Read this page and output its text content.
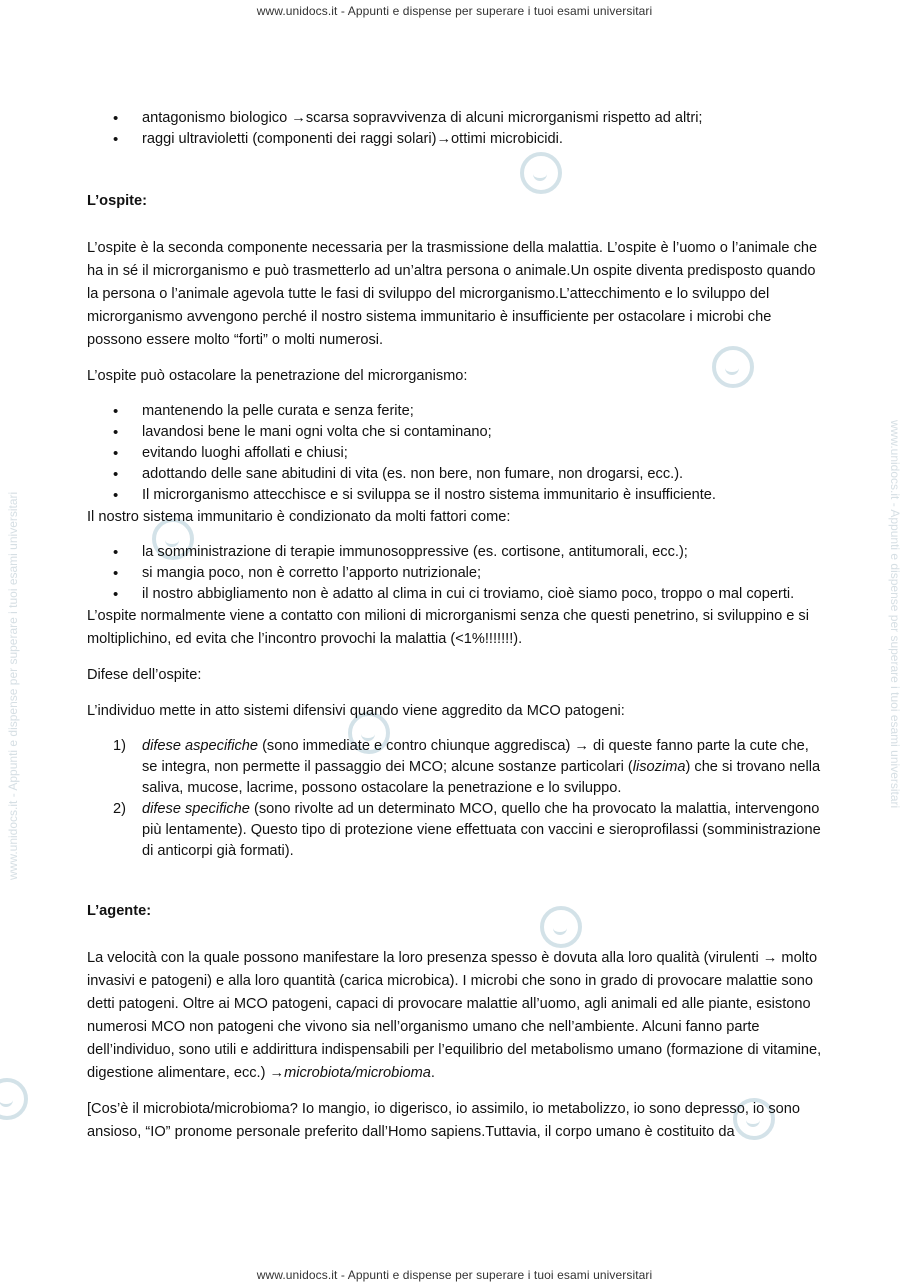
www.unidocs.it - Appunti e dispense per superare i tuoi esami universitari
www.unidocs.it - Appunti e dispense per superare i tuoi esami universitari	www.unidocs.it - Appunti e dispense per superare i tuoi esami universitari
• antagonismo biologico →scarsa sopravvivenza di alcuni microrganismi rispetto ad altri;
• raggi ultravioletti (componenti dei raggi solari)→ottimi microbicidi.

L’ospite:

L’ospite è la seconda componente necessaria per la trasmissione della malattia. L’ospite è l’uomo o l’animale che ha in sé il microrganismo e può trasmetterlo ad un’altra persona o animale.Un ospite diventa predisposto quando la persona o l’animale agevola tutte le fasi di sviluppo del microrganismo.L’attecchimento e lo sviluppo del microrganismo avvengono perché il nostro sistema immunitario è insufficiente per ostacolare i microbi che possono essere molto “forti” o molti numerosi.

L’ospite può ostacolare la penetrazione del microrganismo:

• mantenendo la pelle curata e senza ferite;
• lavandosi bene le mani ogni volta che si contaminano;
• evitando luoghi affollati e chiusi;
• adottando delle sane abitudini di vita (es. non bere, non fumare, non drogarsi, ecc.).
• Il microrganismo attecchisce e si sviluppa se il nostro sistema immunitario è insufficiente.

Il nostro sistema immunitario è condizionato da molti fattori come:

• la somministrazione di terapie immunosoppressive (es. cortisone, antitumorali, ecc.);
• si mangia poco, non è corretto l’apporto nutrizionale;
• il nostro abbigliamento non è adatto al clima in cui ci troviamo, cioè siamo poco, troppo o mal coperti.

L’ospite normalmente viene a contatto con milioni di microrganismi senza che questi penetrino, si sviluppino e si moltiplichino, ed evita che l’incontro provochi la malattia (<1%!!!!!!!).

Difese dell’ospite:

L’individuo mette in atto sistemi difensivi quando viene aggredito da MCO patogeni:

1) difese aspecifiche (sono immediate e contro chiunque aggredisca) → di queste fanno parte la cute che, se integra, non permette il passaggio dei MCO; alcune sostanze particolari (lisozima) che si trovano nella saliva, mucose, lacrime, possono ostacolare la penetrazione e lo sviluppo.
2) difese specifiche (sono rivolte ad un determinato MCO, quello che ha provocato la malattia, intervengono più lentamente). Questo tipo di protezione viene effettuata con vaccini e sieroprofilassi (somministrazione di anticorpi già formati).

L’agente:

La velocità con la quale possono manifestare la loro presenza spesso è dovuta alla loro qualità (virulenti → molto invasivi e patogeni) e alla loro quantità (carica microbica). I microbi che sono in grado di provocare malattie sono detti patogeni. Oltre ai MCO patogeni, capaci di provocare malattie all’uomo, agli animali ed alle piante, esistono numerosi MCO non patogeni che vivono sia nell’organismo umano che nell’ambiente. Alcuni fanno parte dell’individuo, sono utili e addirittura indispensabili per l’equilibrio del metabolismo umano (formazione di vitamine, digestione alimentare, ecc.) →microbiota/microbioma.

[Cos’è il microbiota/microbioma? Io mangio, io digerisco, io assimilo, io metabolizzo, io sono depresso, io sono ansioso, “IO” pronome personale preferito dall’Homo sapiens.Tuttavia, il corpo umano è costituito da

www.unidocs.it - Appunti e dispense per superare i tuoi esami universitari
